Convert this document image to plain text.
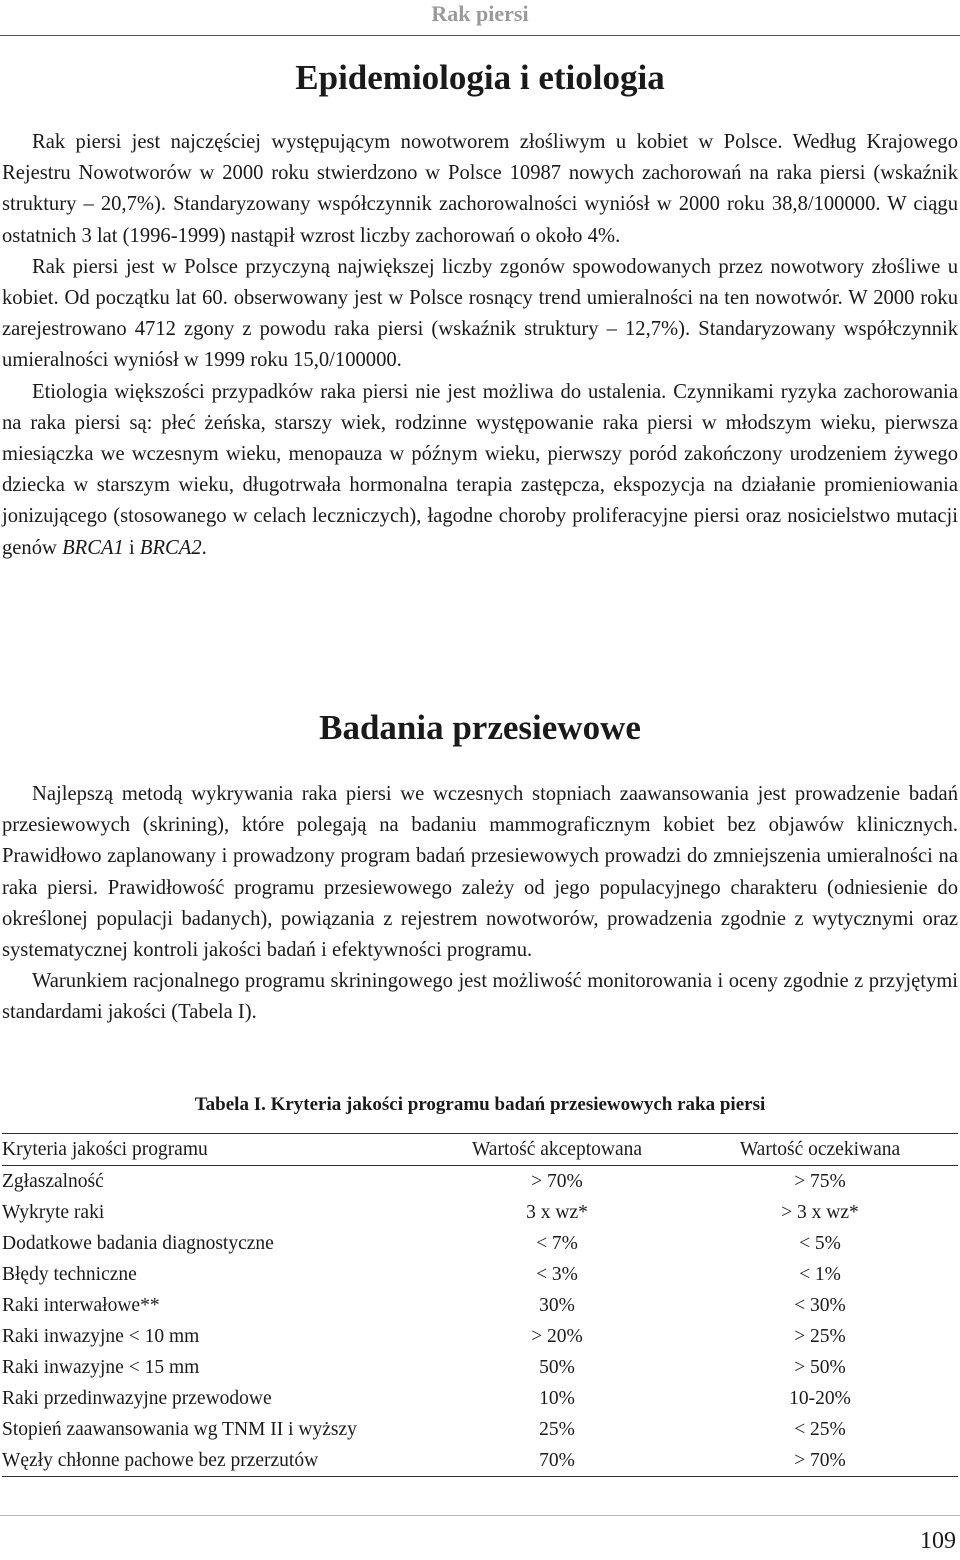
Rak piersi
Epidemiologia i etiologia

Rak piersi jest najczęściej występującym nowotworem złośliwym u kobiet w Polsce. Według Krajowego Rejestru Nowotworów w 2000 roku stwierdzono w Polsce 10987 nowych zachorowań na raka piersi (wskaźnik struktury – 20,7%). Standaryzowany współczynnik zachorowalności wyniósł w 2000 roku 38,8/100000. W ciągu ostatnich 3 lat (1996-1999) nastąpił wzrost liczby zachorowań o około 4%.

Rak piersi jest w Polsce przyczyną największej liczby zgonów spowodowanych przez nowotwory złośliwe u kobiet. Od początku lat 60. obserwowany jest w Polsce rosnący trend umieralności na ten nowotwór. W 2000 roku zarejestrowano 4712 zgony z powodu raka piersi (wskaźnik struktury – 12,7%). Standaryzowany współczynnik umieralności wyniósł w 1999 roku 15,0/100000.

Etiologia większości przypadków raka piersi nie jest możliwa do ustalenia. Czynnikami ryzyka zachorowania na raka piersi są: płeć żeńska, starszy wiek, rodzinne występowanie raka piersi w młodszym wieku, pierwsza miesiączka we wczesnym wieku, menopauza w późnym wieku, pierwszy poród zakończony urodzeniem żywego dziecka w starszym wieku, długotrwała hormonalna terapia zastępcza, ekspozycja na działanie promieniowania jonizującego (stosowanego w celach leczniczych), łagodne choroby proliferacyjne piersi oraz nosicielstwo mutacji genów BRCA1 i BRCA2.

Badania przesiewowe

Najlepszą metodą wykrywania raka piersi we wczesnych stopniach zaawansowania jest prowadzenie badań przesiewowych (skrining), które polegają na badaniu mammograficznym kobiet bez objawów klinicznych. Prawidłowo zaplanowany i prowadzony program badań przesiewowych prowadzi do zmniejszenia umieralności na raka piersi. Prawidłowość programu przesiewowego zależy od jego populacyjnego charakteru (odniesienie do określonej populacji badanych), powiązania z rejestrem nowotworów, prowadzenia zgodnie z wytycznymi oraz systematycznej kontroli jakości badań i efektywności programu.

Warunkiem racjonalnego programu skriningowego jest możliwość monitorowania i oceny zgodnie z przyjętymi standardami jakości (Tabela I).

Tabela I. Kryteria jakości programu badań przesiewowych raka piersi
Kryteria jakości programu	Wartość akceptowana	Wartość oczekiwana
Zgłaszalność	> 70%	> 75%
Wykryte raki	3 x wz*	> 3 x wz*
Dodatkowe badania diagnostyczne	< 7%	< 5%
Błędy techniczne	< 3%	< 1%
Raki interwałowe**	30%	< 30%
Raki inwazyjne < 10 mm	> 20%	> 25%
Raki inwazyjne < 15 mm	50%	> 50%
Raki przedinwazyjne przewodowe	10%	10-20%
Stopień zaawansowania wg TNM II i wyższy	25%	< 25%
Węzły chłonne pachowe bez przerzutów	70%	> 70%
109
